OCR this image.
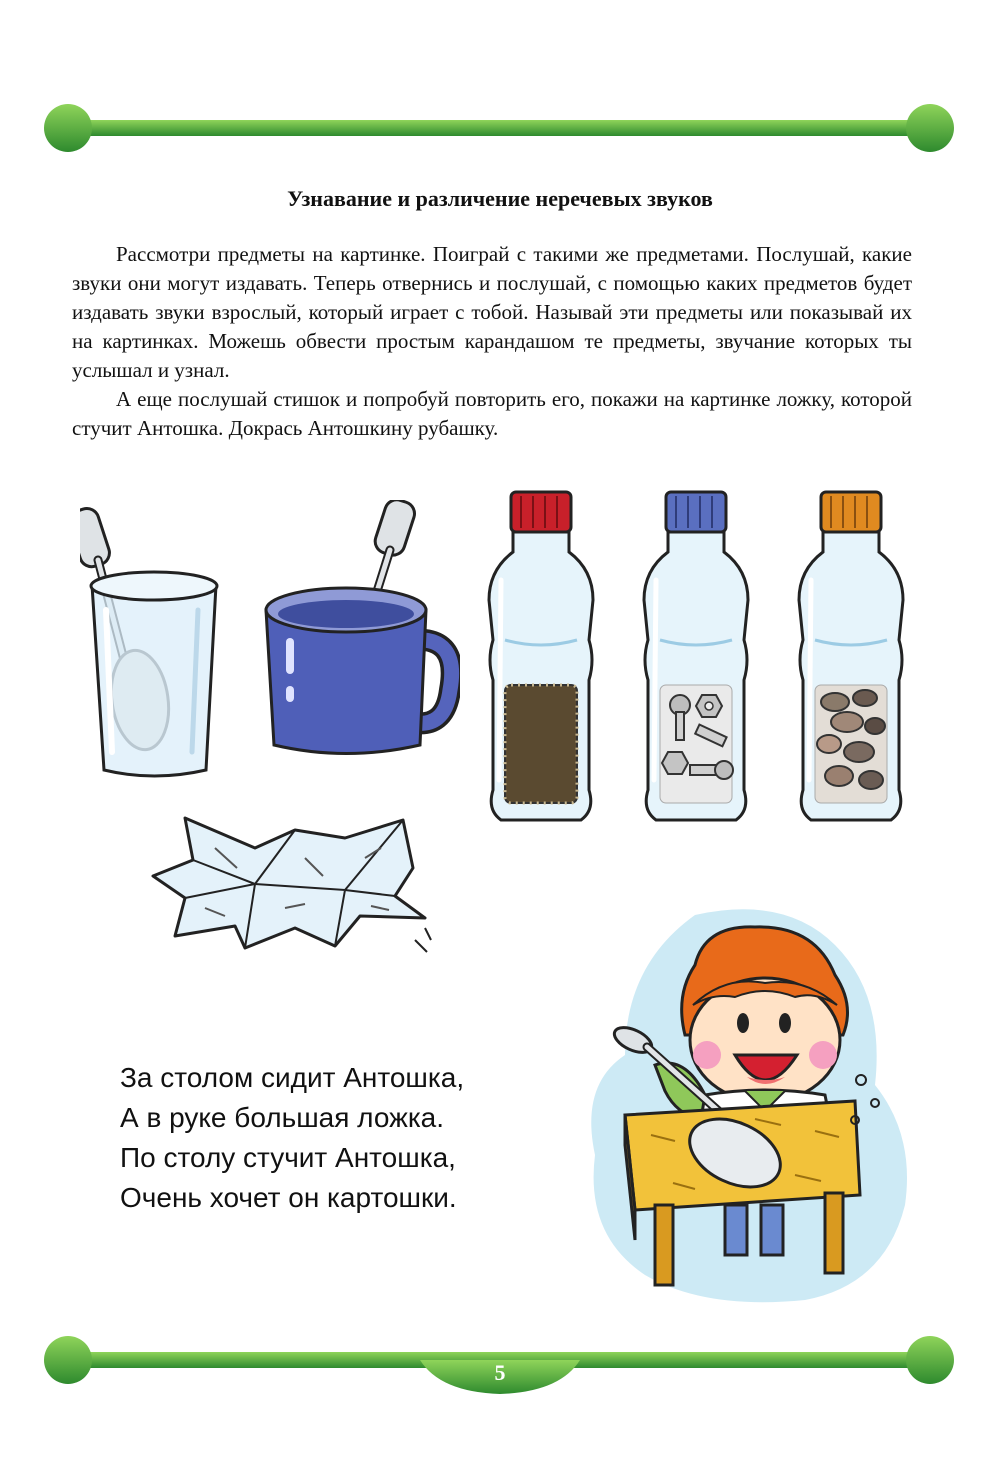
Узнавание и различение неречевых звуков

Рассмотри предметы на картинке. Поиграй с такими же предметами. Послушай, какие звуки они могут издавать. Теперь отвернись и послушай, с помощью каких предметов будет издавать звуки взрослый, который играет с тобой. Называй эти предметы или показывай их на картинках. Можешь обвести простым карандашом те предметы, звучание которых ты услышал и узнал.

А еще послушай стишок и попробуй повторить его, покажи на картинке ложку, которой стучит Антошка. Докрась Антошкину рубашку.

За столом сидит Антошка,
А в руке большая ложка.
По столу стучит Антошка,
Очень хочет он картошки.
5
